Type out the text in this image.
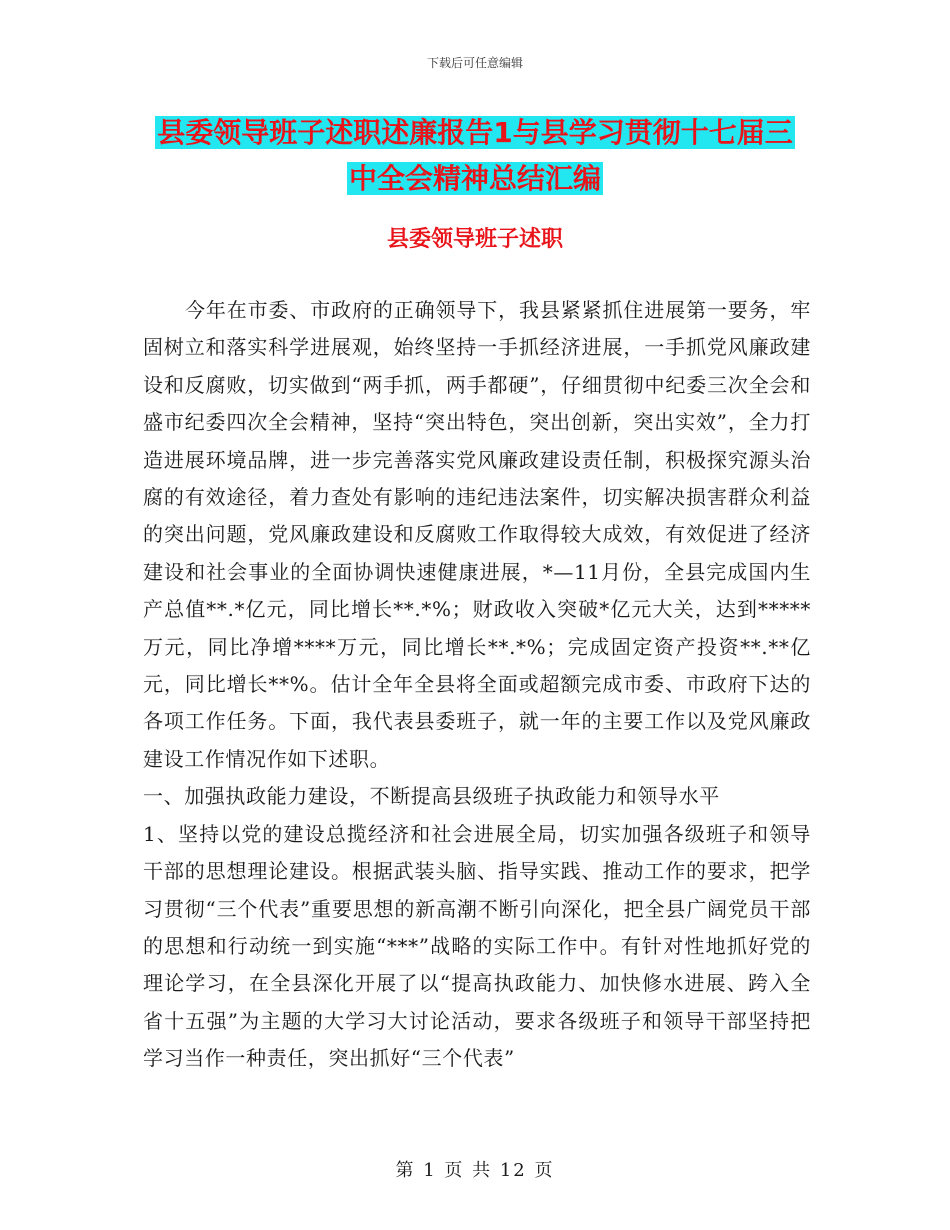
下载后可任意编辑
县委领导班子述职述廉报告1与县学习贯彻十七届三
中全会精神总结汇编
县委领导班子述职

今年在市委、市政府的正确领导下，我县紧紧抓住进展第一要务，牢固树立和落实科学进展观，始终坚持一手抓经济进展，一手抓党风廉政建设和反腐败，切实做到“两手抓，两手都硬”，仔细贯彻中纪委三次全会和盛市纪委四次全会精神，坚持“突出特色，突出创新，突出实效”，全力打造进展环境品牌，进一步完善落实党风廉政建设责任制，积极探究源头治腐的有效途径，着力查处有影响的违纪违法案件，切实解决损害群众利益的突出问题，党风廉政建设和反腐败工作取得较大成效，有效促进了经济建设和社会事业的全面协调快速健康进展，*—11月份，全县完成国内生产总值**.*亿元，同比增长**.*%；财政收入突破*亿元大关，达到*****万元，同比净增****万元，同比增长**.*%；完成固定资产投资**.**亿元，同比增长**%。估计全年全县将全面或超额完成市委、市政府下达的各项工作任务。下面，我代表县委班子，就一年的主要工作以及党风廉政建设工作情况作如下述职。

一、加强执政能力建设，不断提高县级班子执政能力和领导水平

1、坚持以党的建设总揽经济和社会进展全局，切实加强各级班子和领导干部的思想理论建设。根据武装头脑、指导实践、推动工作的要求，把学习贯彻“三个代表”重要思想的新高潮不断引向深化，把全县广阔党员干部的思想和行动统一到实施“***”战略的实际工作中。有针对性地抓好党的理论学习，在全县深化开展了以“提高执政能力、加快修水进展、跨入全省十五强”为主题的大学习大讨论活动，要求各级班子和领导干部坚持把学习当作一种责任，突出抓好“三个代表”

第 1 页 共 12 页
